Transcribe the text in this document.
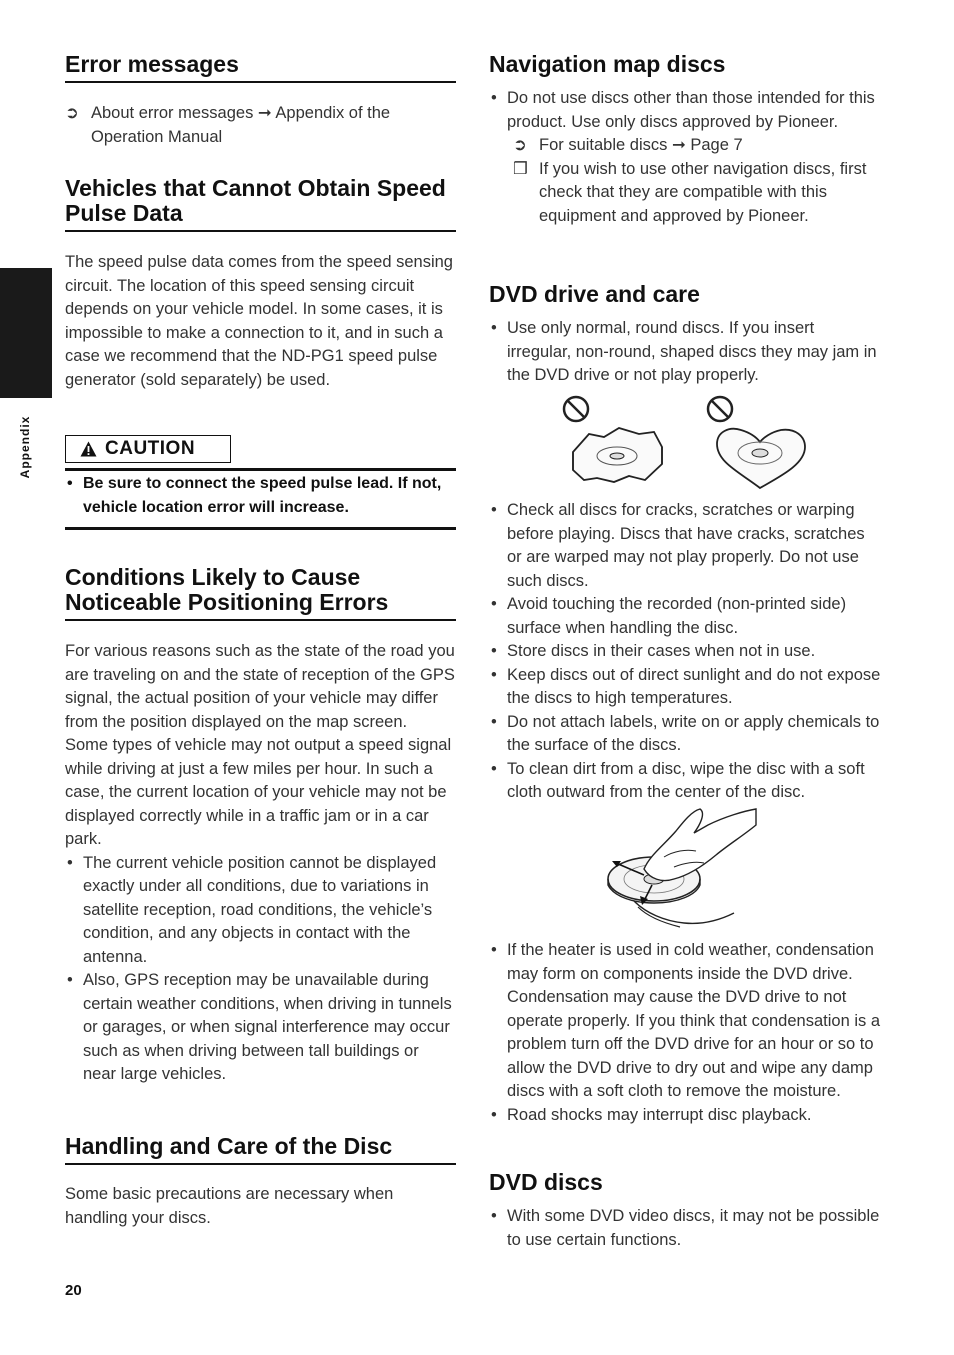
Appendix
Error messages
➲ About error messages ➞ Appendix of the Operation Manual
Vehicles that Cannot Obtain Speed Pulse Data

The speed pulse data comes from the speed sensing circuit. The location of this speed sensing circuit depends on your vehicle model. In some cases, it is impossible to make a connection to it, and in such a case we recommend that the ND-PG1 speed pulse generator (sold separately) be used.

CAUTION
• Be sure to connect the speed pulse lead. If not, vehicle location error will increase.
Conditions Likely to Cause Noticeable Positioning Errors

For various reasons such as the state of the road you are traveling on and the state of reception of the GPS signal, the actual position of your vehicle may differ from the position displayed on the map screen.

Some types of vehicle may not output a speed signal while driving at just a few miles per hour. In such a case, the current location of your vehicle may not be displayed correctly while in a traffic jam or in a car park.

• The current vehicle position cannot be displayed exactly under all conditions, due to variations in satellite reception, road conditions, the vehicle’s condition, and any objects in contact with the antenna.
• Also, GPS reception may be unavailable during certain weather conditions, when driving in tunnels or garages, or when signal interference may occur such as when driving between tall buildings or near large vehicles.
Handling and Care of the Disc

Some basic precautions are necessary when handling your discs.

Navigation map discs
• Do not use discs other than those intended for this product. Use only discs approved by Pioneer.
➲ For suitable discs ➞ Page 7
❒ If you wish to use other navigation discs, first check that they are compatible with this equipment and approved by Pioneer.
DVD drive and care
• Use only normal, round discs. If you insert irregular, non-round, shaped discs they may jam in the DVD drive or not play properly.
• Check all discs for cracks, scratches or warping before playing. Discs that have cracks, scratches or are warped may not play properly. Do not use such discs.
• Avoid touching the recorded (non-printed side) surface when handling the disc.
• Store discs in their cases when not in use.
• Keep discs out of direct sunlight and do not expose the discs to high temperatures.
• Do not attach labels, write on or apply chemicals to the surface of the discs.
• To clean dirt from a disc, wipe the disc with a soft cloth outward from the center of the disc.
• If the heater is used in cold weather, condensation may form on components inside the DVD drive. Condensation may cause the DVD drive to not operate properly. If you think that condensation is a problem turn off the DVD drive for an hour or so to allow the DVD drive to dry out and wipe any damp discs with a soft cloth to remove the moisture.
• Road shocks may interrupt disc playback.
DVD discs
• With some DVD video discs, it may not be possible to use certain functions.
20
